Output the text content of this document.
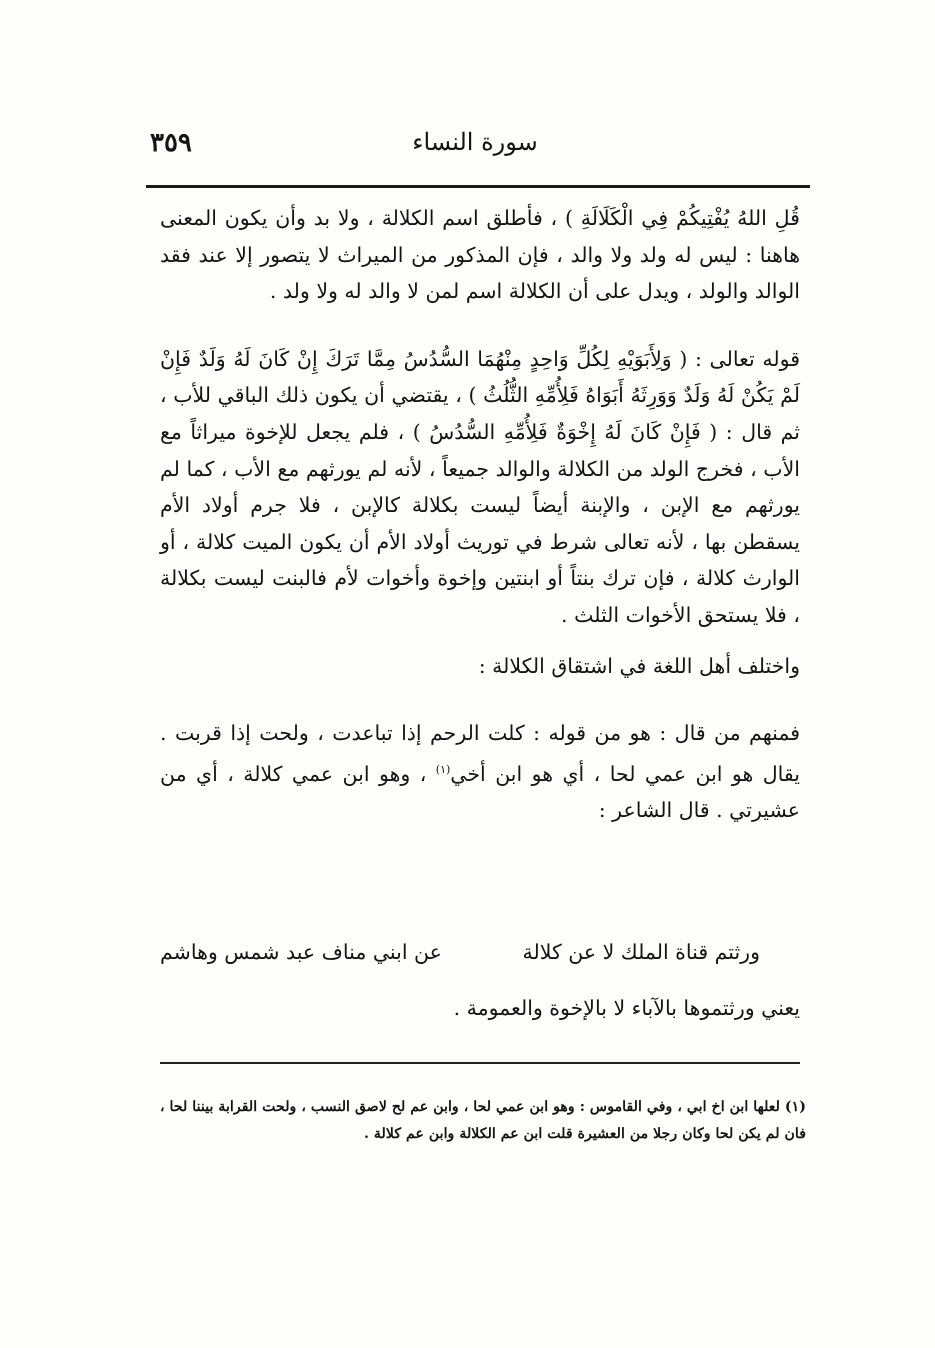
٣٥٩	سورة النساء

قُلِ اللهُ يُفْتِيكُمْ فِي الْكَلَالَةِ ) ، فأطلق اسم الكلالة ، ولا بد وأن يكون المعنى هاهنا : ليس له ولد ولا والد ، فإن المذكور من الميراث لا يتصور إلا عند فقد الوالد والولد ، ويدل على أن الكلالة اسم لمن لا والد له ولا ولد .

قوله تعالى : ( وَلِأَبَوَيْهِ لِكُلِّ وَاحِدٍ مِنْهُمَا السُّدُسُ مِمَّا تَرَكَ إِنْ كَانَ لَهُ وَلَدٌ فَإِنْ لَمْ يَكُنْ لَهُ وَلَدٌ وَوَرِثَهُ أَبَوَاهُ فَلِأُمِّهِ الثُّلُثُ ) ، يقتضي أن يكون ذلك الباقي للأب ، ثم قال : ( فَإِنْ كَانَ لَهُ إِخْوَةٌ فَلِأُمِّهِ السُّدُسُ ) ، فلم يجعل للإخوة ميراثاً مع الأب ، فخرج الولد من الكلالة والوالد جميعاً ، لأنه لم يورثهم مع الأب ، كما لم يورثهم مع الإبن ، والإبنة أيضاً ليست بكلالة كالإبن ، فلا جرم أولاد الأم يسقطن بها ، لأنه تعالى شرط في توريث أولاد الأم أن يكون الميت كلالة ، أو الوارث كلالة ، فإن ترك بنتاً أو ابنتين وإخوة وأخوات لأم فالبنت ليست بكلالة ، فلا يستحق الأخوات الثلث .

واختلف أهل اللغة في اشتقاق الكلالة :

فمنهم من قال : هو من قوله : كلت الرحم إذا تباعدت ، ولحت إذا قربت . يقال هو ابن عمي لحا ، أي هو ابن أخي$^{(١)}$ ، وهو ابن عمي كلالة ، أي من عشيرتي . قال الشاعر :

ورثتم قناة الملك لا عن كلالة
عن ابني مناف عبد شمس وهاشم
يعني ورثتموها بالآباء لا بالإخوة والعمومة .
(١) لعلها ابن اخ ابي ، وفي القاموس : وهو ابن عمي لحا ، وابن عم لح لاصق النسب ، ولحت القرابة بيننا لحا ، فان لم يكن لحا وكان رجلا من العشيرة قلت ابن عم الكلالة وابن عم كلالة .
